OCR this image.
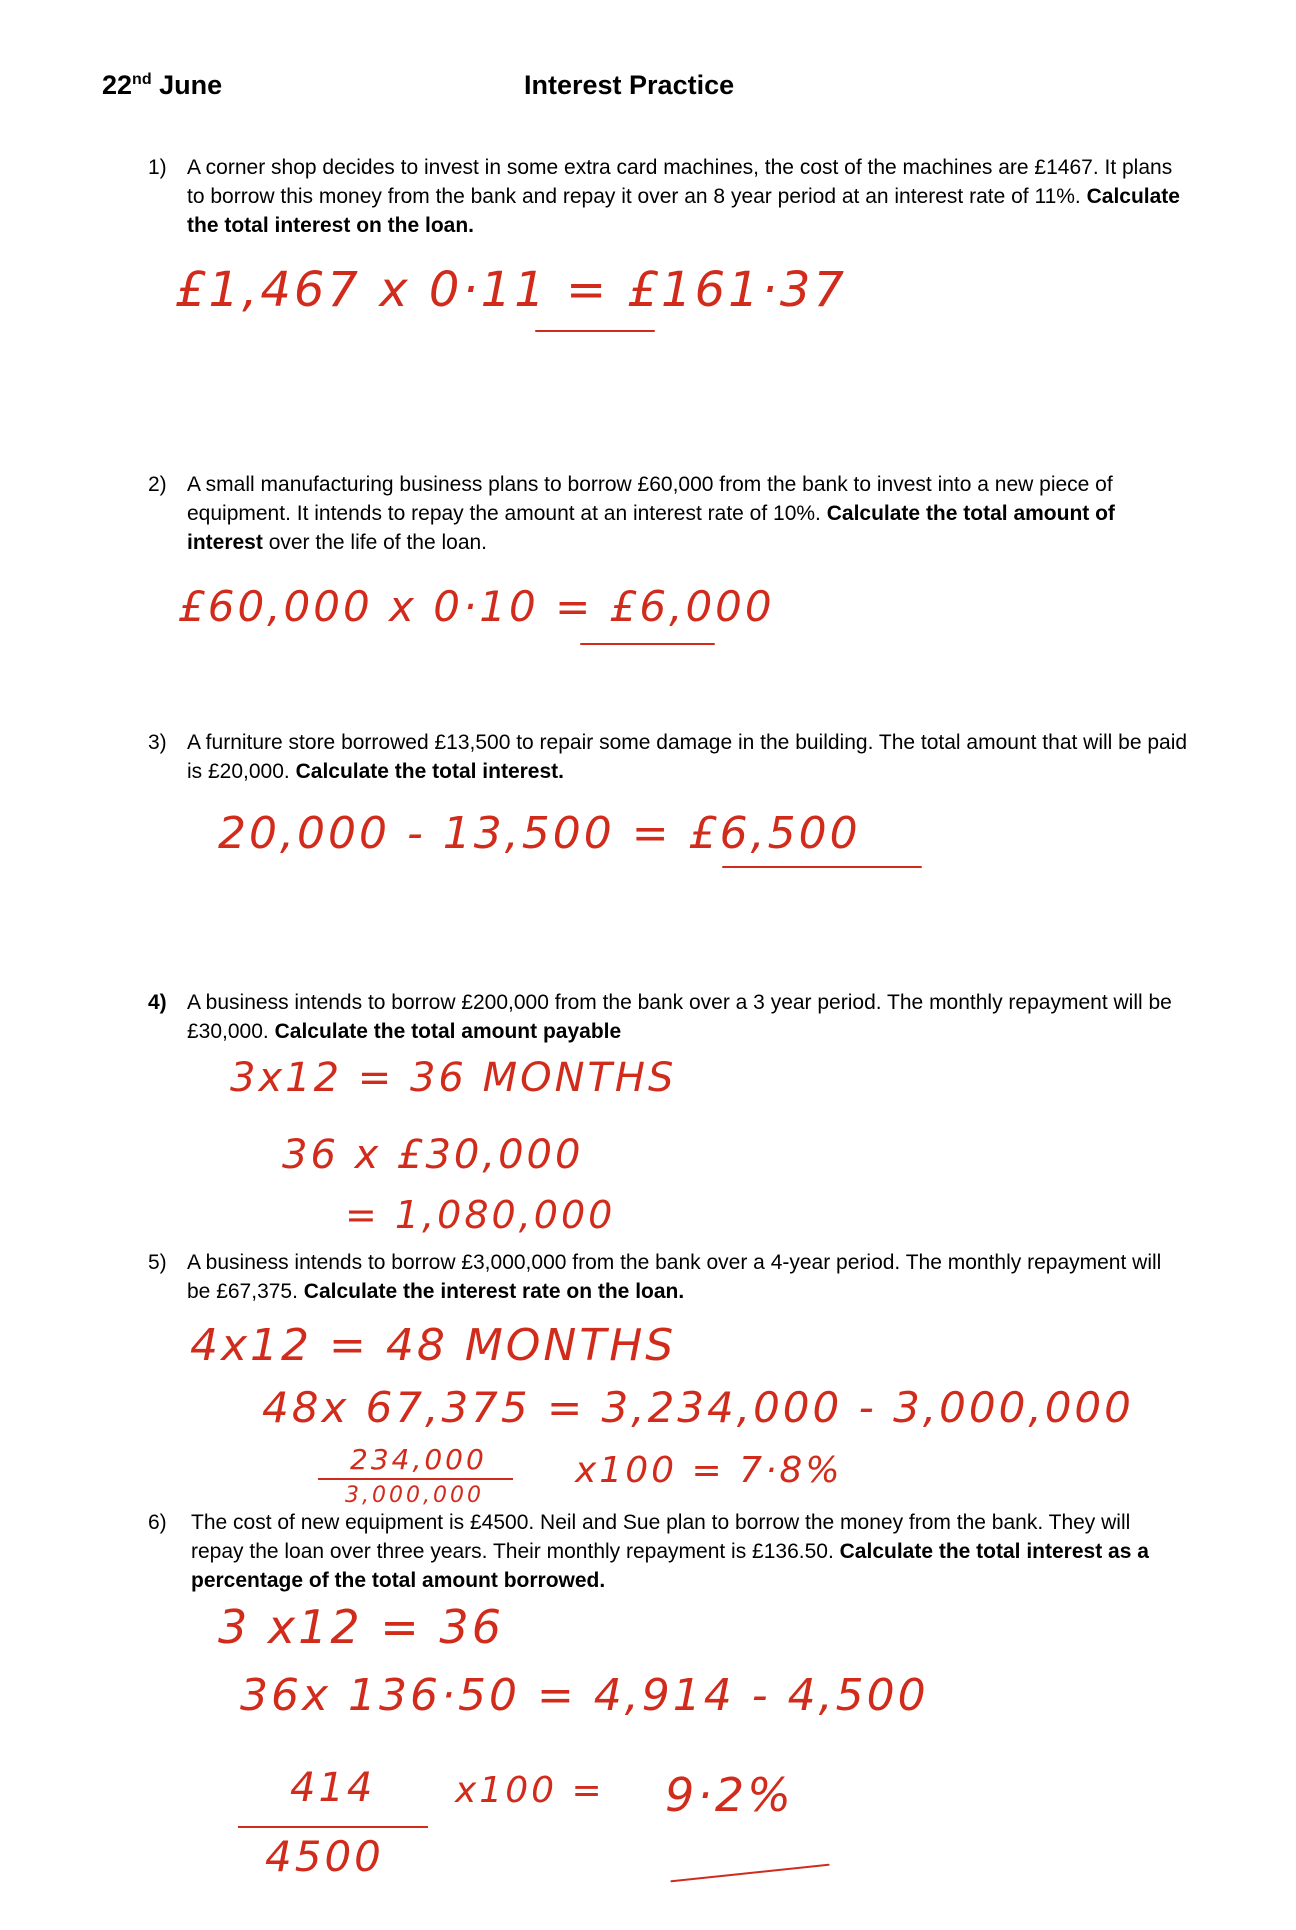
22nd June	Interest Practice
1) A corner shop decides to invest in some extra card machines, the cost of the machines are £1467. It plans to borrow this money from the bank and repay it over an 8 year period at an interest rate of 11%. Calculate the total interest on the loan.
£1,467 x 0·11 = £161·37
2) A small manufacturing business plans to borrow £60,000 from the bank to invest into a new piece of equipment. It intends to repay the amount at an interest rate of 10%. Calculate the total amount of interest over the life of the loan.
£60,000 x 0·10 = £6,000
3) A furniture store borrowed £13,500 to repair some damage in the building. The total amount that will be paid is £20,000. Calculate the total interest.
20,000 - 13,500 = £6,500
4) A business intends to borrow £200,000 from the bank over a 3 year period. The monthly repayment will be £30,000. Calculate the total amount payable
3x12 = 36 MONTHS
36 x £30,000
= 1,080,000
5) A business intends to borrow £3,000,000 from the bank over a 4-year period. The monthly repayment will be £67,375. Calculate the interest rate on the loan.
4x12 = 48 MONTHS
48x 67,375 = 3,234,000 - 3,000,000
234,000
3,000,000
x100 = 7·8%
6) The cost of new equipment is £4500. Neil and Sue plan to borrow the money from the bank. They will repay the loan over three years. Their monthly repayment is £136.50. Calculate the total interest as a percentage of the total amount borrowed.
3 x12 = 36
36x 136·50 = 4,914 - 4,500
414
4500
x100 = 9·2%
